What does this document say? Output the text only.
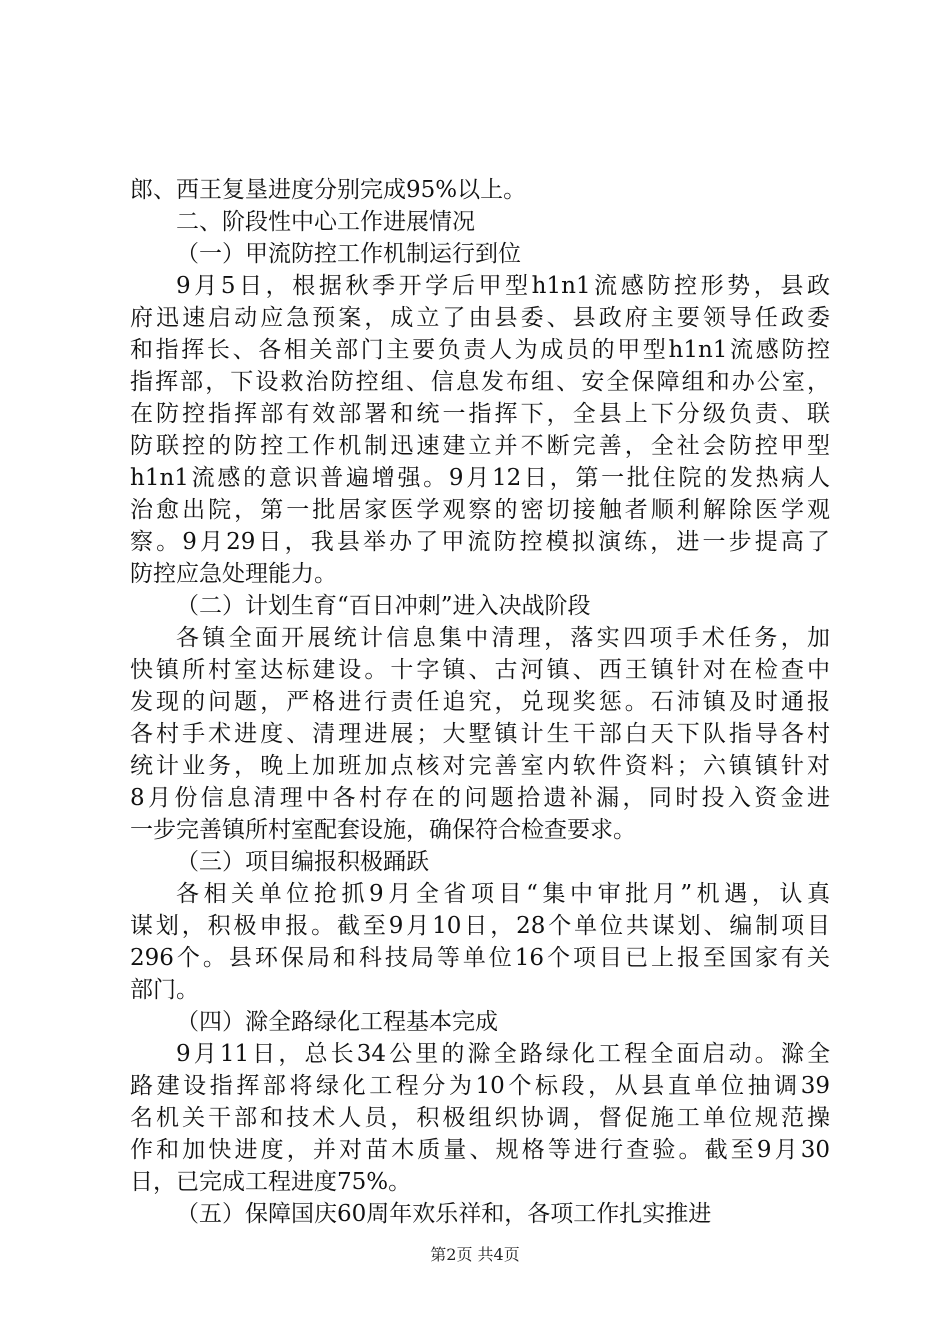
郎、西王复垦进度分别完成95%以上。
二、阶段性中心工作进展情况
（一）甲流防控工作机制运行到位
9月5日，根据秋季开学后甲型h1n1流感防控形势，县政
府迅速启动应急预案，成立了由县委、县政府主要领导任政委
和指挥长、各相关部门主要负责人为成员的甲型h1n1流感防控
指挥部，下设救治防控组、信息发布组、安全保障组和办公室，
在防控指挥部有效部署和统一指挥下，全县上下分级负责、联
防联控的防控工作机制迅速建立并不断完善，全社会防控甲型
h1n1流感的意识普遍增强。9月12日，第一批住院的发热病人
治愈出院，第一批居家医学观察的密切接触者顺利解除医学观
察。9月29日，我县举办了甲流防控模拟演练，进一步提高了
防控应急处理能力。
（二）计划生育“百日冲刺”进入决战阶段
各镇全面开展统计信息集中清理，落实四项手术任务，加
快镇所村室达标建设。十字镇、古河镇、西王镇针对在检查中
发现的问题，严格进行责任追究，兑现奖惩。石沛镇及时通报
各村手术进度、清理进展；大墅镇计生干部白天下队指导各村
统计业务，晚上加班加点核对完善室内软件资料；六镇镇针对
8月份信息清理中各村存在的问题拾遗补漏，同时投入资金进
一步完善镇所村室配套设施，确保符合检查要求。
（三）项目编报积极踊跃
各相关单位抢抓9月全省项目“集中审批月”机遇，认真
谋划，积极申报。截至9月10日，28个单位共谋划、编制项目
296个。县环保局和科技局等单位16个项目已上报至国家有关
部门。
（四）滁全路绿化工程基本完成
9月11日，总长34公里的滁全路绿化工程全面启动。滁全
路建设指挥部将绿化工程分为10个标段，从县直单位抽调39
名机关干部和技术人员，积极组织协调，督促施工单位规范操
作和加快进度，并对苗木质量、规格等进行查验。截至9月30
日，已完成工程进度75%。
（五）保障国庆60周年欢乐祥和，各项工作扎实推进
第2页 共4页
